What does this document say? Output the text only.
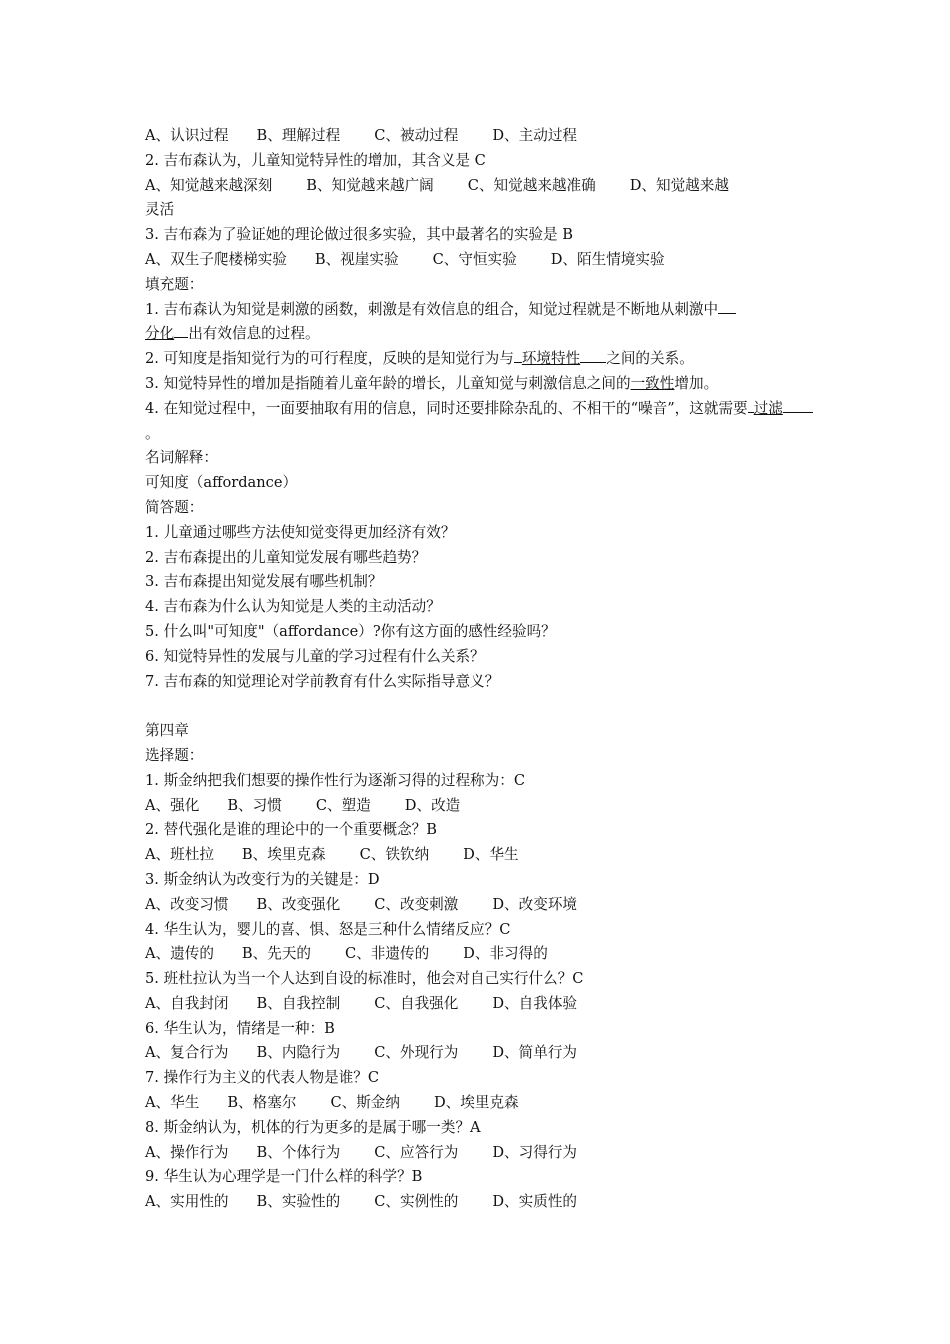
A、认识过程 B、理解过程 C、被动过程 D、主动过程
2. 吉布森认为，儿童知觉特异性的增加，其含义是 C
A、知觉越来越深刻 B、知觉越来越广阔 C、知觉越来越准确 D、知觉越来越
灵活
3. 吉布森为了验证她的理论做过很多实验，其中最著名的实验是 B
A、双生子爬楼梯实验 B、视崖实验 C、守恒实验 D、陌生情境实验
填充题：
1. 吉布森认为知觉是刺激的函数，刺激是有效信息的组合，知觉过程就是不断地从刺激中
分化 出有效信息的过程。
2. 可知度是指知觉行为的可行程度，反映的是知觉行为与 环境特性 之间的关系。
3. 知觉特异性的增加是指随着儿童年龄的增长，儿童知觉与刺激信息之间的一致性增加。
4. 在知觉过程中，一面要抽取有用的信息，同时还要排除杂乱的、不相干的“噪音”，这就需要 过滤。
名词解释：
可知度（affordance）
简答题：
1. 儿童通过哪些方法使知觉变得更加经济有效？
2. 吉布森提出的儿童知觉发展有哪些趋势？
3. 吉布森提出知觉发展有哪些机制？
4. 吉布森为什么认为知觉是人类的主动活动？
5. 什么叫"可知度"（affordance）?你有这方面的感性经验吗？
6. 知觉特异性的发展与儿童的学习过程有什么关系？
7. 吉布森的知觉理论对学前教育有什么实际指导意义？
第四章
选择题：
1. 斯金纳把我们想要的操作性行为逐渐习得的过程称为：C
A、强化 B、习惯 C、塑造 D、改造
2. 替代强化是谁的理论中的一个重要概念？B
A、班杜拉 B、埃里克森 C、铁钦纳 D、华生
3. 斯金纳认为改变行为的关键是：D
A、改变习惯 B、改变强化 C、改变刺激 D、改变环境
4. 华生认为，婴儿的喜、惧、怒是三种什么情绪反应？C
A、遗传的 B、先天的 C、非遗传的 D、非习得的
5. 班杜拉认为当一个人达到自设的标准时，他会对自己实行什么？C
A、自我封闭 B、自我控制 C、自我强化 D、自我体验
6. 华生认为，情绪是一种：B
A、复合行为 B、内隐行为 C、外现行为 D、简单行为
7. 操作行为主义的代表人物是谁？C
A、华生 B、格塞尔 C、斯金纳 D、埃里克森
8. 斯金纳认为，机体的行为更多的是属于哪一类？A
A、操作行为 B、个体行为 C、应答行为 D、习得行为
9. 华生认为心理学是一门什么样的科学？B
A、实用性的 B、实验性的 C、实例性的 D、实质性的
